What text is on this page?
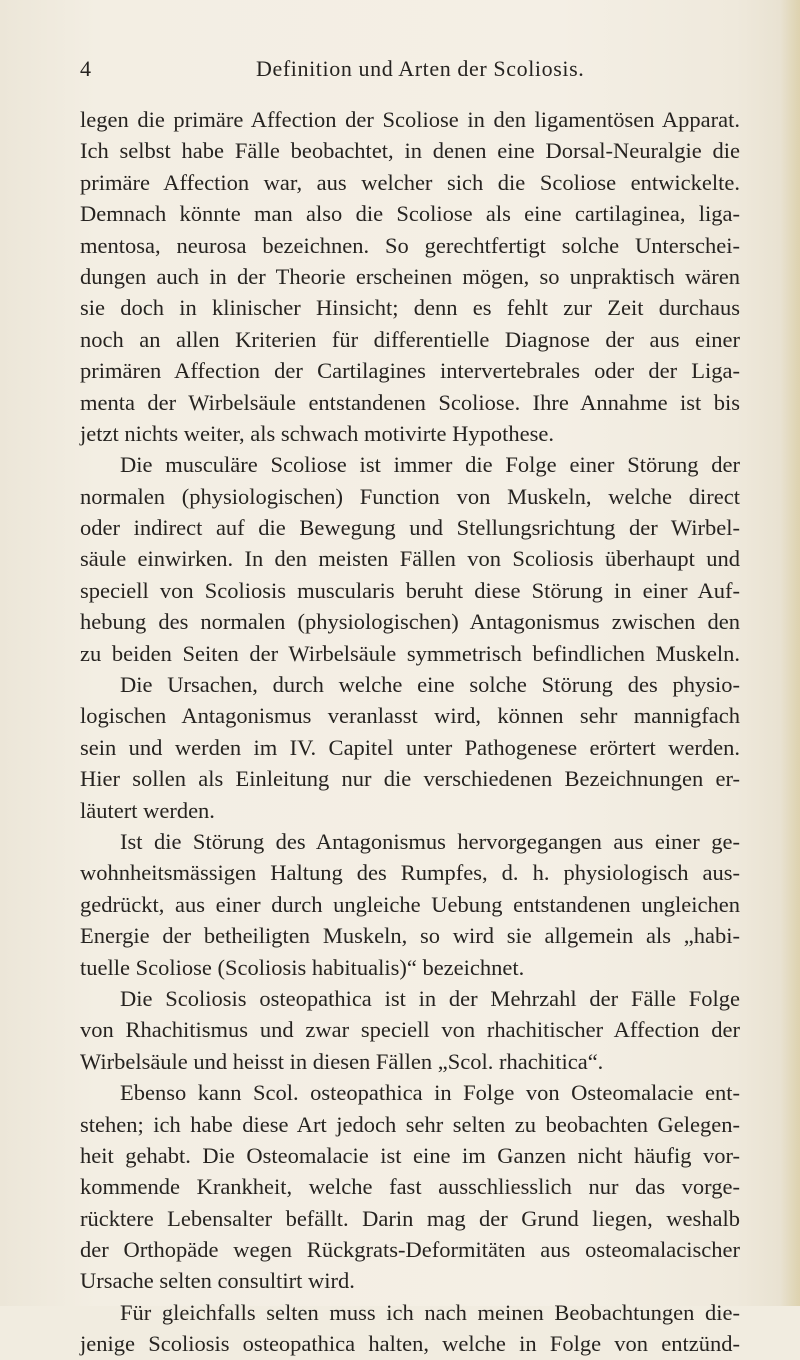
4	Definition und Arten der Scoliosis.
legen die primäre Affection der Scoliose in den ligamentösen Apparat.
Ich selbst habe Fälle beobachtet, in denen eine Dorsal-Neuralgie die
primäre Affection war, aus welcher sich die Scoliose entwickelte.
Demnach könnte man also die Scoliose als eine cartilaginea, liga-
mentosa, neurosa bezeichnen. So gerechtfertigt solche Unterschei-
dungen auch in der Theorie erscheinen mögen, so unpraktisch wären
sie doch in klinischer Hinsicht; denn es fehlt zur Zeit durchaus
noch an allen Kriterien für differentielle Diagnose der aus einer
primären Affection der Cartilagines intervertebrales oder der Liga-
menta der Wirbelsäule entstandenen Scoliose. Ihre Annahme ist bis
jetzt nichts weiter, als schwach motivirte Hypothese.
Die musculäre Scoliose ist immer die Folge einer Störung der
normalen (physiologischen) Function von Muskeln, welche direct
oder indirect auf die Bewegung und Stellungsrichtung der Wirbel-
säule einwirken. In den meisten Fällen von Scoliosis überhaupt und
speciell von Scoliosis muscularis beruht diese Störung in einer Auf-
hebung des normalen (physiologischen) Antagonismus zwischen den
zu beiden Seiten der Wirbelsäule symmetrisch befindlichen Muskeln.
Die Ursachen, durch welche eine solche Störung des physio-
logischen Antagonismus veranlasst wird, können sehr mannigfach
sein und werden im IV. Capitel unter Pathogenese erörtert werden.
Hier sollen als Einleitung nur die verschiedenen Bezeichnungen er-
läutert werden.
Ist die Störung des Antagonismus hervorgegangen aus einer ge-
wohnheitsmässigen Haltung des Rumpfes, d. h. physiologisch aus-
gedrückt, aus einer durch ungleiche Uebung entstandenen ungleichen
Energie der betheiligten Muskeln, so wird sie allgemein als „habi-
tuelle Scoliose (Scoliosis habitualis)“ bezeichnet.
Die Scoliosis osteopathica ist in der Mehrzahl der Fälle Folge
von Rhachitismus und zwar speciell von rhachitischer Affection der
Wirbelsäule und heisst in diesen Fällen „Scol. rhachitica“.
Ebenso kann Scol. osteopathica in Folge von Osteomalacie ent-
stehen; ich habe diese Art jedoch sehr selten zu beobachten Gelegen-
heit gehabt. Die Osteomalacie ist eine im Ganzen nicht häufig vor-
kommende Krankheit, welche fast ausschliesslich nur das vorge-
rücktere Lebensalter befällt. Darin mag der Grund liegen, weshalb
der Orthopäde wegen Rückgrats-Deformitäten aus osteomalacischer
Ursache selten consultirt wird.
Für gleichfalls selten muss ich nach meinen Beobachtungen die-
jenige Scoliosis osteopathica halten, welche in Folge von entzünd-
